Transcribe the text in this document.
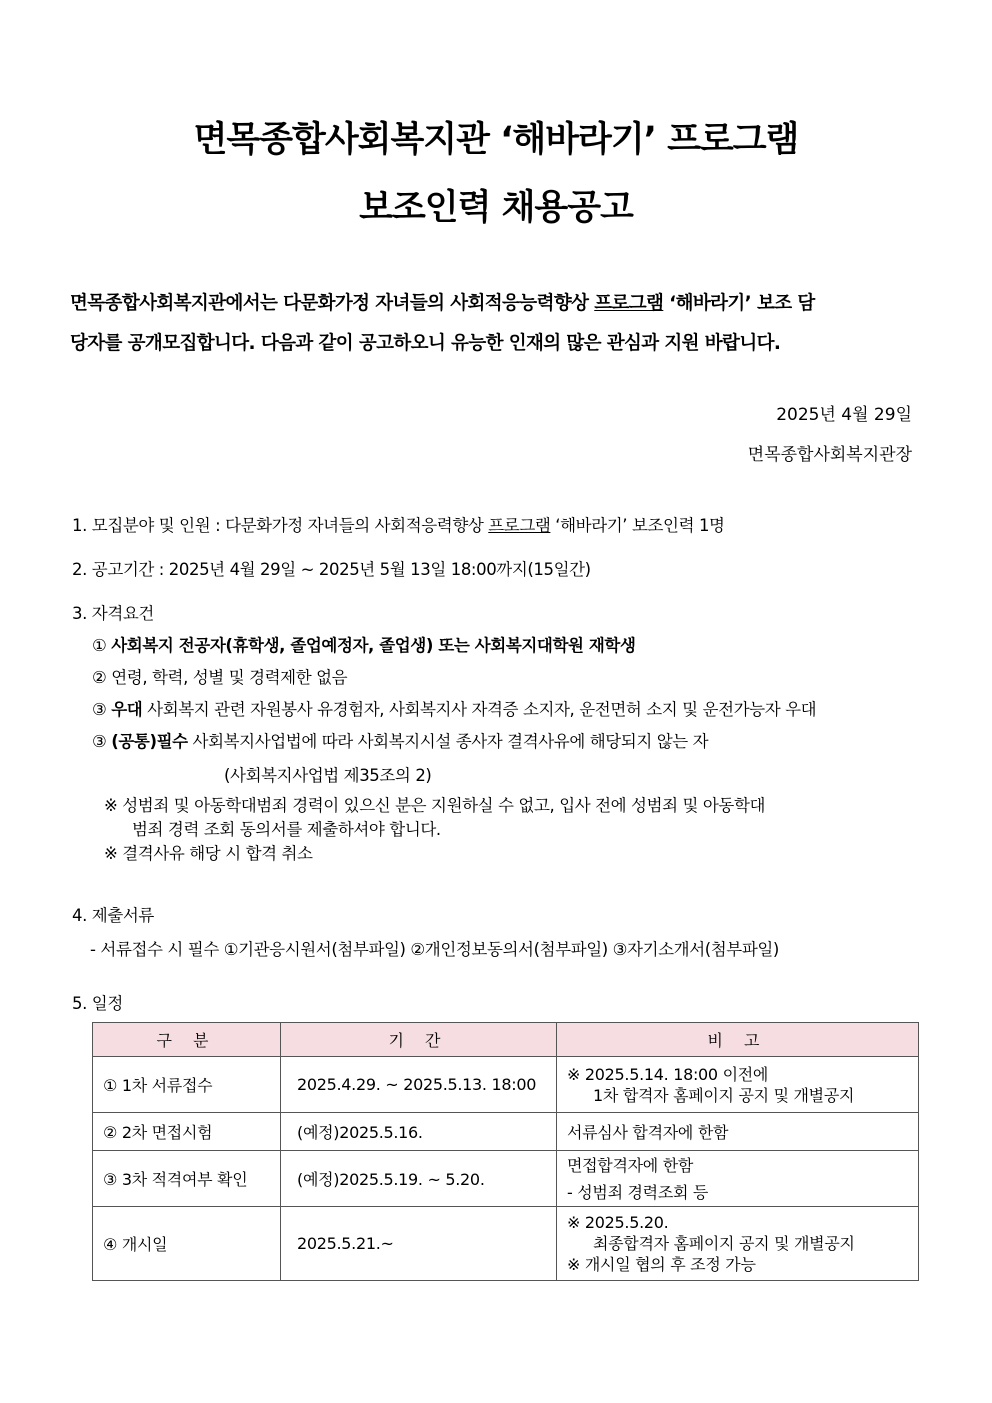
면목종합사회복지관 ‘해바라기’ 프로그램
보조인력 채용공고
면목종합사회복지관에서는 다문화가정 자녀들의 사회적응능력향상 프로그램 ‘해바라기’ 보조 담
당자를 공개모집합니다. 다음과 같이 공고하오니 유능한 인재의 많은 관심과 지원 바랍니다.
2025년 4월 29일
면목종합사회복지관장
1. 모집분야 및 인원 : 다문화가정 자녀들의 사회적응력향상 프로그램 ‘해바라기’ 보조인력 1명
2. 공고기간 : 2025년 4월 29일 ~ 2025년 5월 13일 18:00까지(15일간)
3. 자격요건
① 사회복지 전공자(휴학생, 졸업예정자, 졸업생) 또는 사회복지대학원 재학생
② 연령, 학력, 성별 및 경력제한 없음
③ 우대 사회복지 관련 자원봉사 유경험자, 사회복지사 자격증 소지자, 운전면허 소지 및 운전가능자 우대
③ (공통)필수 사회복지사업법에 따라 사회복지시설 종사자 결격사유에 해당되지 않는 자
(사회복지사업법 제35조의 2)
※ 성범죄 및 아동학대범죄 경력이 있으신 분은 지원하실 수 없고, 입사 전에 성범죄 및 아동학대
범죄 경력 조회 동의서를 제출하셔야 합니다.
※ 결격사유 해당 시 합격 취소
4. 제출서류
- 서류접수 시 필수 ①기관응시원서(첨부파일) ②개인정보동의서(첨부파일) ③자기소개서(첨부파일)
5. 일정
구 분	기 간	비 고
① 1차 서류접수	2025.4.29. ~ 2025.5.13. 18:00	※ 2025.5.14. 18:00 이전에
1차 합격자 홈페이지 공지 및 개별공지

② 2차 면접시험	(예정)2025.5.16.	서류심사 합격자에 한함
③ 3차 적격여부 확인	(예정)2025.5.19. ~ 5.20.	면접합격자에 한함
- 성범죄 경력조회 등

④ 개시일	2025.5.21.~	※ 2025.5.20.
최종합격자 홈페이지 공지 및 개별공지
※ 개시일 협의 후 조정 가능
